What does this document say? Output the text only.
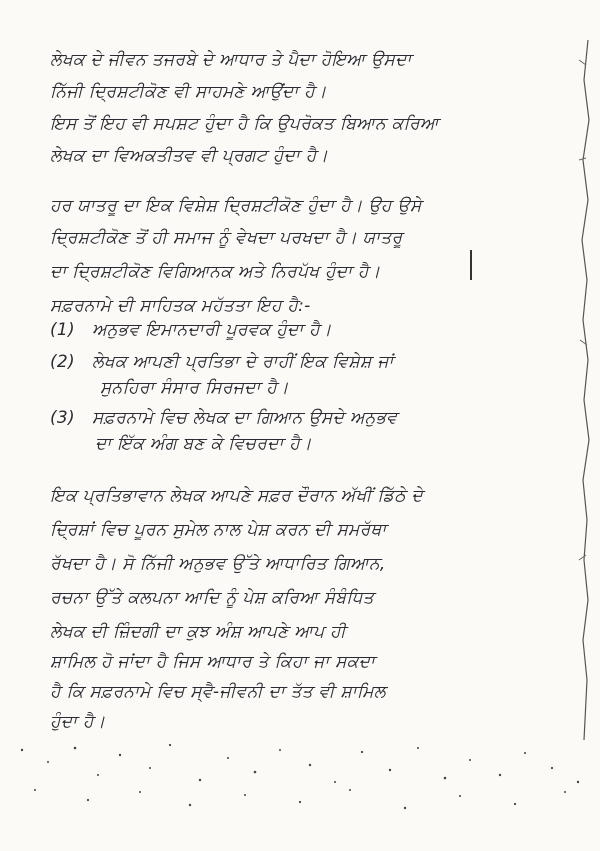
ਲੇਖਕ ਦੇ ਜੀਵਨ ਤਜਰਬੇ ਦੇ ਆਧਾਰ ਤੇ ਪੈਦਾ ਹੋਇਆ ਉਸਦਾ
ਨਿੱਜੀ ਦ੍ਰਿਸ਼ਟੀਕੋਣ ਵੀ ਸਾਹਮਣੇ ਆਉਂਦਾ ਹੈ।
ਇਸ ਤੋਂ ਇਹ ਵੀ ਸਪਸ਼ਟ ਹੁੰਦਾ ਹੈ ਕਿ ਉਪਰੋਕਤ ਬਿਆਨ ਕਰਿਆ
ਲੇਖਕ ਦਾ ਵਿਅਕਤੀਤਵ ਵੀ ਪ੍ਰਗਟ ਹੁੰਦਾ ਹੈ।
ਹਰ ਯਾਤਰੂ ਦਾ ਇਕ ਵਿਸ਼ੇਸ਼ ਦ੍ਰਿਸ਼ਟੀਕੋਣ ਹੁੰਦਾ ਹੈ। ਉਹ ਉਸੇ
ਦ੍ਰਿਸ਼ਟੀਕੋਣ ਤੋਂ ਹੀ ਸਮਾਜ ਨੂੰ ਵੇਖਦਾ ਪਰਖਦਾ ਹੈ। ਯਾਤਰੂ
ਦਾ ਦ੍ਰਿਸ਼ਟੀਕੋਣ ਵਿਗਿਆਨਕ ਅਤੇ ਨਿਰਪੱਖ ਹੁੰਦਾ ਹੈ।
ਸਫ਼ਰਨਾਮੇ ਦੀ ਸਾਹਿਤਕ ਮਹੱਤਤਾ ਇਹ ਹੈ:-
(1) ਅਨੁਭਵ ਇਮਾਨਦਾਰੀ ਪੂਰਵਕ ਹੁੰਦਾ ਹੈ।
(2) ਲੇਖਕ ਆਪਣੀ ਪ੍ਰਤਿਭਾ ਦੇ ਰਾਹੀਂ ਇਕ ਵਿਸ਼ੇਸ਼ ਜਾਂ
ਸੁਨਹਿਰਾ ਸੰਸਾਰ ਸਿਰਜਦਾ ਹੈ।
(3) ਸਫ਼ਰਨਾਮੇ ਵਿਚ ਲੇਖਕ ਦਾ ਗਿਆਨ ਉਸਦੇ ਅਨੁਭਵ
ਦਾ ਇੱਕ ਅੰਗ ਬਣ ਕੇ ਵਿਚਰਦਾ ਹੈ।
ਇਕ ਪ੍ਰਤਿਭਾਵਾਨ ਲੇਖਕ ਆਪਣੇ ਸਫ਼ਰ ਦੌਰਾਨ ਅੱਖੀਂ ਡਿੱਠੇ ਦੇ
ਦ੍ਰਿਸ਼ਾਂ ਵਿਚ ਪੂਰਨ ਸੁਮੇਲ ਨਾਲ ਪੇਸ਼ ਕਰਨ ਦੀ ਸਮਰੱਥਾ
ਰੱਖਦਾ ਹੈ। ਸੋ ਨਿੱਜੀ ਅਨੁਭਵ ਉੱਤੇ ਆਧਾਰਿਤ ਗਿਆਨ,
ਰਚਨਾ ਉੱਤੇ ਕਲਪਨਾ ਆਦਿ ਨੂੰ ਪੇਸ਼ ਕਰਿਆ ਸੰਬੰਧਿਤ
ਲੇਖਕ ਦੀ ਜ਼ਿੰਦਗੀ ਦਾ ਕੁਝ ਅੰਸ਼ ਆਪਣੇ ਆਪ ਹੀ
ਸ਼ਾਮਿਲ ਹੋ ਜਾਂਦਾ ਹੈ ਜਿਸ ਆਧਾਰ ਤੇ ਕਿਹਾ ਜਾ ਸਕਦਾ
ਹੈ ਕਿ ਸਫ਼ਰਨਾਮੇ ਵਿਚ ਸ੍ਵੈ-ਜੀਵਨੀ ਦਾ ਤੱਤ ਵੀ ਸ਼ਾਮਿਲ
ਹੁੰਦਾ ਹੈ।
